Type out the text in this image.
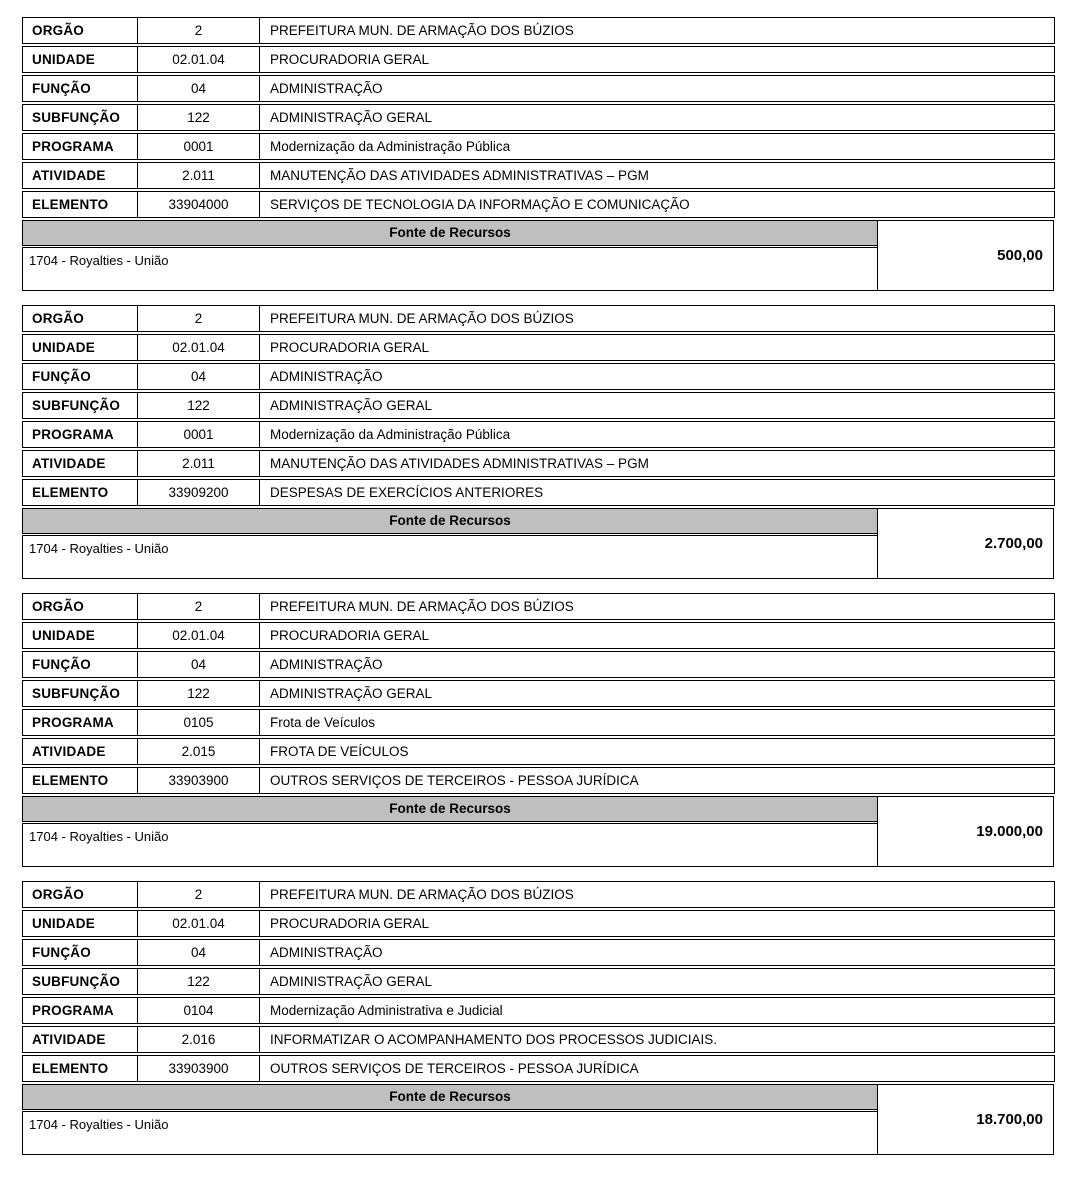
ORGÃO	2	PREFEITURA MUN. DE ARMAÇÃO DOS BÚZIOS
UNIDADE	02.01.04	PROCURADORIA GERAL
FUNÇÃO	04	ADMINISTRAÇÃO
SUBFUNÇÃO	122	ADMINISTRAÇÃO GERAL
PROGRAMA	0001	Modernização da Administração Pública
ATIVIDADE	2.011	MANUTENÇÃO DAS ATIVIDADES ADMINISTRATIVAS – PGM
ELEMENTO	33904000	SERVIÇOS DE TECNOLOGIA DA INFORMAÇÃO E COMUNICAÇÃO
Fonte de Recursos
1704 - Royalties - União	500,00
ORGÃO	2	PREFEITURA MUN. DE ARMAÇÃO DOS BÚZIOS
UNIDADE	02.01.04	PROCURADORIA GERAL
FUNÇÃO	04	ADMINISTRAÇÃO
SUBFUNÇÃO	122	ADMINISTRAÇÃO GERAL
PROGRAMA	0001	Modernização da Administração Pública
ATIVIDADE	2.011	MANUTENÇÃO DAS ATIVIDADES ADMINISTRATIVAS – PGM
ELEMENTO	33909200	DESPESAS DE EXERCÍCIOS ANTERIORES
Fonte de Recursos
1704 - Royalties - União	2.700,00
ORGÃO	2	PREFEITURA MUN. DE ARMAÇÃO DOS BÚZIOS
UNIDADE	02.01.04	PROCURADORIA GERAL
FUNÇÃO	04	ADMINISTRAÇÃO
SUBFUNÇÃO	122	ADMINISTRAÇÃO GERAL
PROGRAMA	0105	Frota de Veículos
ATIVIDADE	2.015	FROTA DE VEÍCULOS
ELEMENTO	33903900	OUTROS SERVIÇOS DE TERCEIROS - PESSOA JURÍDICA
Fonte de Recursos
1704 - Royalties - União	19.000,00
ORGÃO	2	PREFEITURA MUN. DE ARMAÇÃO DOS BÚZIOS
UNIDADE	02.01.04	PROCURADORIA GERAL
FUNÇÃO	04	ADMINISTRAÇÃO
SUBFUNÇÃO	122	ADMINISTRAÇÃO GERAL
PROGRAMA	0104	Modernização Administrativa e Judicial
ATIVIDADE	2.016	INFORMATIZAR O ACOMPANHAMENTO DOS PROCESSOS JUDICIAIS.
ELEMENTO	33903900	OUTROS SERVIÇOS DE TERCEIROS - PESSOA JURÍDICA
Fonte de Recursos
1704 - Royalties - União	18.700,00
